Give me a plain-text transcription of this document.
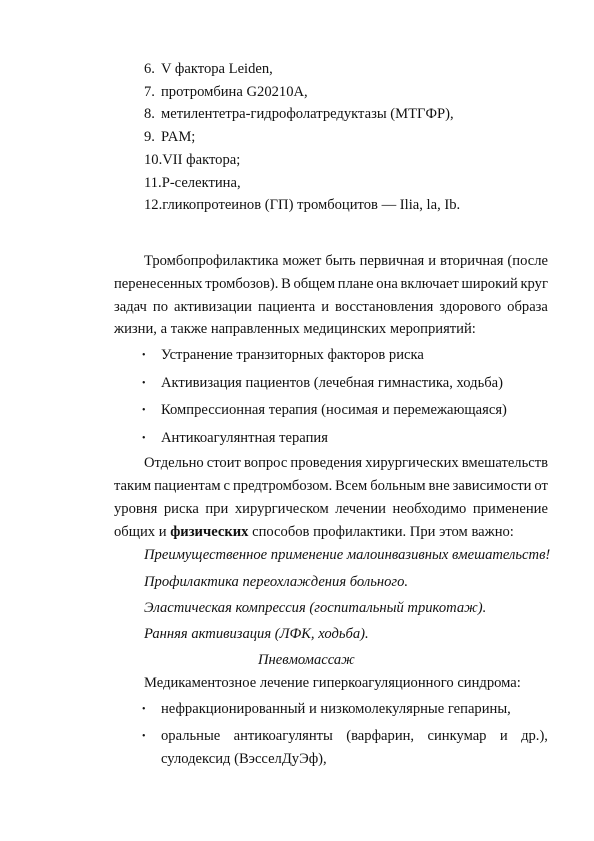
6. V фактора Leiden,
7. протромбина G20210A,
8. метилентетра-гидрофолатредуктазы (МТГФР),
9. PAM;
10.VII фактора;
11.Р-селектина,
12.гликопротеинов (ГП) тромбоцитов — Ilia, la, Ib.
Тромбопрофилактика может быть первичная и вторичная (после
перенесенных тромбозов). В общем плане она включает широкий круг
задач по активизации пациента и восстановления здорового образа
жизни, а также направленных медицинских мероприятий:
• Устранение транзиторных факторов риска
• Активизация пациентов (лечебная гимнастика, ходьба)
• Компрессионная терапия (носимая и перемежающаяся)
• Антикоагулянтная терапия
Отдельно стоит вопрос проведения хирургических вмешательств
таким пациентам с предтромбозом. Всем больным вне зависимости от
уровня риска при хирургическом лечении необходимо применение
общих и физических способов профилактики. При этом важно:
Преимущественное применение малоинвазивных вмешательств!
Профилактика переохлаждения больного.
Эластическая компрессия (госпитальный трикотаж).
Ранняя активизация (ЛФК, ходьба).
Пневмомассаж
Медикаментозное лечение гиперкоагуляционного синдрома:
• нефракционированный и низкомолекулярные гепарины,
• оральные антикоагулянты (варфарин, синкумар и др.),
сулодексид (ВэсселДуЭф),
